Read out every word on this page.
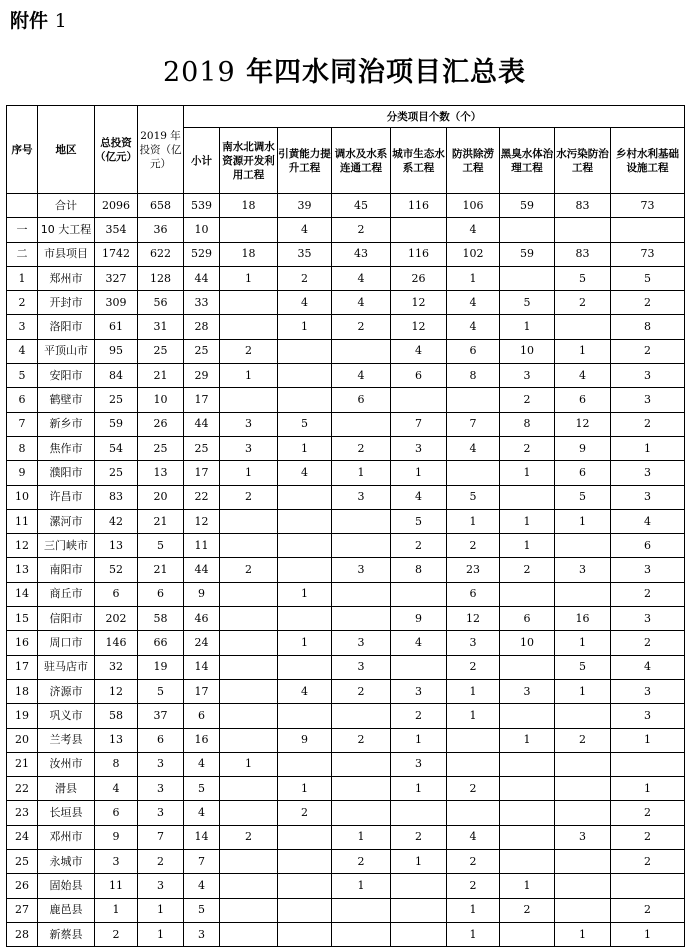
附件 1
2019 年四水同治项目汇总表
序号	地区	总投资（亿元）	2019 年投资（亿元）	分类项目个数（个）								
				小计	南水北调水资源开发利用工程	引黄能力提升工程	调水及水系连通工程	城市生态水系工程	防洪除涝工程	黑臭水体治理工程	水污染防治工程	乡村水利基础设施工程
	合计	2096	658	539	18	39	45	116	106	59	83	73
一	10 大工程	354	36	10		4	2		4			
二	市县项目	1742	622	529	18	35	43	116	102	59	83	73
1	郑州市	327	128	44	1	2	4	26	1		5	5
2	开封市	309	56	33		4	4	12	4	5	2	2
3	洛阳市	61	31	28		1	2	12	4	1		8
4	平顶山市	95	25	25	2			4	6	10	1	2
5	安阳市	84	21	29	1		4	6	8	3	4	3
6	鹤壁市	25	10	17			6			2	6	3
7	新乡市	59	26	44	3	5		7	7	8	12	2
8	焦作市	54	25	25	3	1	2	3	4	2	9	1
9	濮阳市	25	13	17	1	4	1	1		1	6	3
10	许昌市	83	20	22	2		3	4	5		5	3
11	漯河市	42	21	12				5	1	1	1	4
12	三门峡市	13	5	11				2	2	1		6
13	南阳市	52	21	44	2		3	8	23	2	3	3
14	商丘市	6	6	9		1			6			2
15	信阳市	202	58	46				9	12	6	16	3
16	周口市	146	66	24		1	3	4	3	10	1	2
17	驻马店市	32	19	14			3		2		5	4
18	济源市	12	5	17		4	2	3	1	3	1	3
19	巩义市	58	37	6				2	1			3
20	兰考县	13	6	16		9	2	1		1	2	1
21	汝州市	8	3	4	1			3				
22	滑县	4	3	5		1		1	2			1
23	长垣县	6	3	4		2						2
24	邓州市	9	7	14	2		1	2	4		3	2
25	永城市	3	2	7			2	1	2			2
26	固始县	11	3	4			1		2	1		
27	鹿邑县	1	1	5					1	2		2
28	新蔡县	2	1	3					1		1	1
